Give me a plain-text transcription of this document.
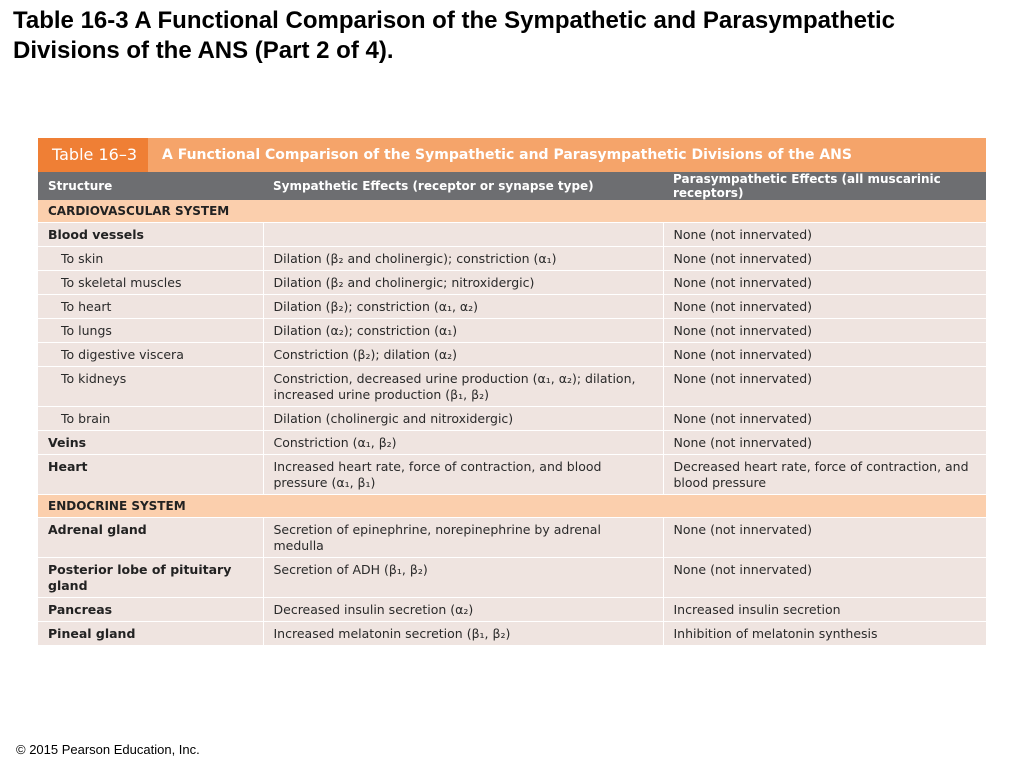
Table 16-3 A Functional Comparison of the Sympathetic and Parasympathetic Divisions of the ANS (Part 2 of 4).
Table 16–3	A Functional Comparison of the Sympathetic and Parasympathetic Divisions of the ANS
Structure	Sympathetic Effects (receptor or synapse type)	Parasympathetic Effects (all muscarinic receptors)
CARDIOVASCULAR SYSTEM		
Blood vessels		None (not innervated)
To skin	Dilation (β₂ and cholinergic); constriction (α₁)	None (not innervated)
To skeletal muscles	Dilation (β₂ and cholinergic; nitroxidergic)	None (not innervated)
To heart	Dilation (β₂); constriction (α₁, α₂)	None (not innervated)
To lungs	Dilation (α₂); constriction (α₁)	None (not innervated)
To digestive viscera	Constriction (β₂); dilation (α₂)	None (not innervated)
To kidneys	Constriction, decreased urine production (α₁, α₂); dilation, increased urine production (β₁, β₂)	None (not innervated)
To brain	Dilation (cholinergic and nitroxidergic)	None (not innervated)
Veins	Constriction (α₁, β₂)	None (not innervated)
Heart	Increased heart rate, force of contraction, and blood pressure (α₁, β₁)	Decreased heart rate, force of contraction, and blood pressure
ENDOCRINE SYSTEM		
Adrenal gland	Secretion of epinephrine, norepinephrine by adrenal medulla	None (not innervated)
Posterior lobe of pituitary gland	Secretion of ADH (β₁, β₂)	None (not innervated)
Pancreas	Decreased insulin secretion (α₂)	Increased insulin secretion
Pineal gland	Increased melatonin secretion (β₁, β₂)	Inhibition of melatonin synthesis
© 2015 Pearson Education, Inc.
